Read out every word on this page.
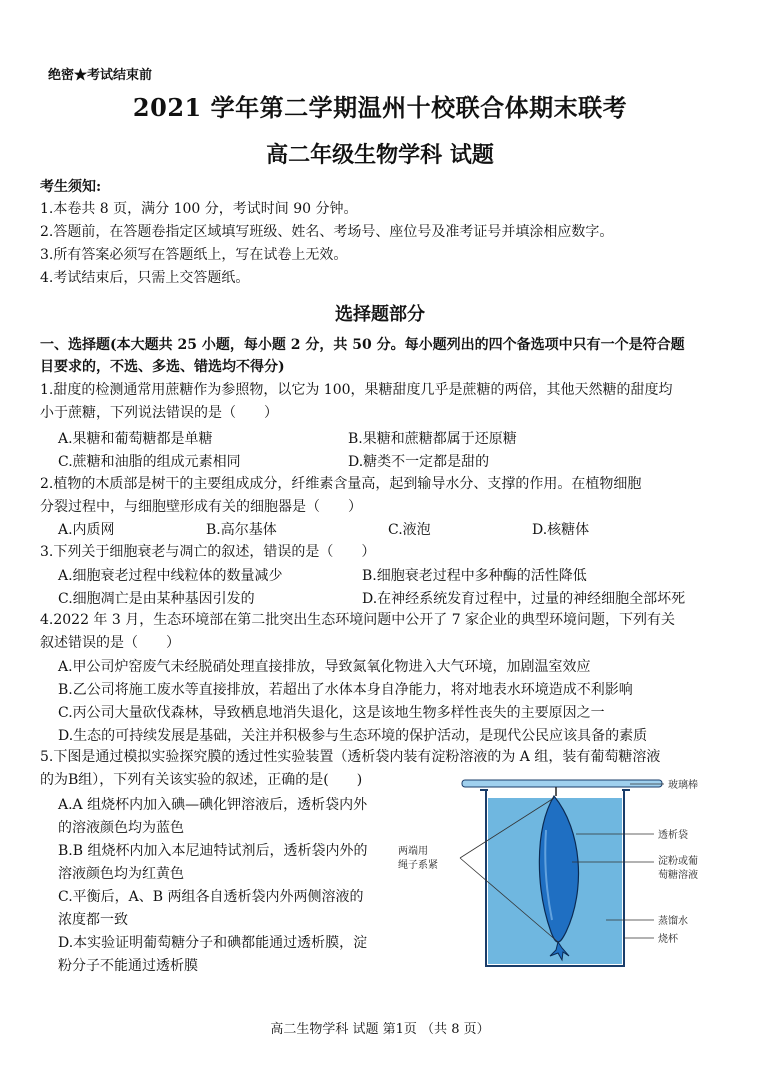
绝密★考试结束前
2021 学年第二学期温州十校联合体期末联考
高二年级生物学科 试题
考生须知:
1.本卷共 8 页，满分 100 分，考试时间 90 分钟。
2.答题前，在答题卷指定区域填写班级、姓名、考场号、座位号及准考证号并填涂相应数字。
3.所有答案必须写在答题纸上，写在试卷上无效。
4.考试结束后，只需上交答题纸。
选择题部分
一、选择题(本大题共 25 小题，每小题 2 分，共 50 分。每小题列出的四个备选项中只有一个是符合题
目要求的，不选、多选、错选均不得分)
1.甜度的检测通常用蔗糖作为参照物，以它为 100，果糖甜度几乎是蔗糖的两倍，其他天然糖的甜度均
小于蔗糖，下列说法错误的是（　　）
A.果糖和葡萄糖都是单糖	B.果糖和蔗糖都属于还原糖
C.蔗糖和油脂的组成元素相同	D.糖类不一定都是甜的
2.植物的木质部是树干的主要组成成分，纤维素含量高，起到输导水分、支撑的作用。在植物细胞
分裂过程中，与细胞壁形成有关的细胞器是（　　）
A.内质网	B.高尔基体	C.液泡	D.核糖体
3.下列关于细胞衰老与凋亡的叙述，错误的是（　　）
A.细胞衰老过程中线粒体的数量减少	B.细胞衰老过程中多种酶的活性降低
C.细胞凋亡是由某种基因引发的	D.在神经系统发育过程中，过量的神经细胞全部坏死
4.2022 年 3 月，生态环境部在第二批突出生态环境问题中公开了 7 家企业的典型环境问题，下列有关
叙述错误的是（　　）
A.甲公司炉窑废气未经脱硝处理直接排放，导致氮氧化物进入大气环境，加剧温室效应
B.乙公司将施工废水等直接排放，若超出了水体本身自净能力，将对地表水环境造成不利影响
C.丙公司大量砍伐森林，导致栖息地消失退化，这是该地生物多样性丧失的主要原因之一
D.生态的可持续发展是基础，关注并积极参与生态环境的保护活动，是现代公民应该具备的素质
5.下图是通过模拟实验探究膜的透过性实验装置（透析袋内装有淀粉溶液的为 A 组，装有葡萄糖溶液
的为B组），下列有关该实验的叙述，正确的是(　　)
A.A 组烧杯内加入碘—碘化钾溶液后，透析袋内外
的溶液颜色均为蓝色
B.B 组烧杯内加入本尼迪特试剂后，透析袋内外的
溶液颜色均为红黄色
C.平衡后，A、B 两组各自透析袋内外两侧溶液的
浓度都一致
D.本实验证明葡萄糖分子和碘都能通过透析膜，淀
粉分子不能通过透析膜
玻璃棒
透析袋
淀粉或葡
萄糖溶液
蒸馏水
烧杯
两端用
绳子系紧
高二生物学科 试题 第1页 （共 8 页）
